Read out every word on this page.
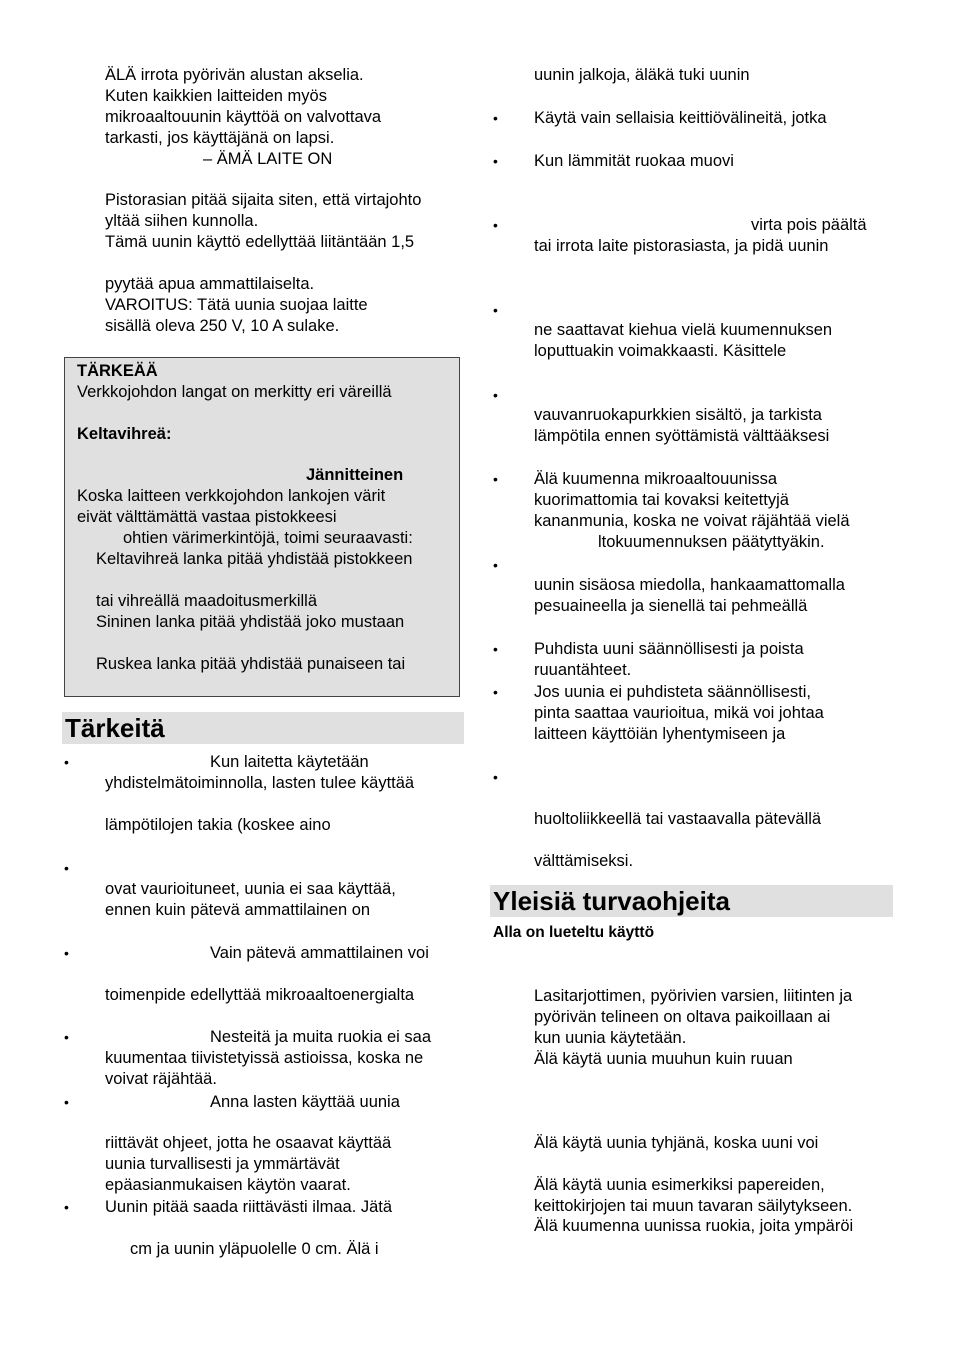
ÄLÄ irrota pyörivän alustan akselia.
Kuten kaikkien laitteiden myös
mikroaaltouunin käyttöä on valvottava
tarkasti, jos käyttäjänä on lapsi.
– ÄMÄ LAITE ON
Pistorasian pitää sijaita siten, että virtajohto
yltää siihen kunnolla.
Tämä uunin käyttö edellyttää liitäntään 1,5
pyytää apua ammattilaiselta.
VAROITUS: Tätä uunia suojaa laitte
sisällä oleva 250 V, 10 A sulake.
TÄRKEÄÄ
Verkkojohdon langat on merkitty eri väreillä
Keltavihreä:
Jännitteinen
Koska laitteen verkkojohdon lankojen värit
eivät välttämättä vastaa pistokkeesi
ohtien värimerkintöjä, toimi seuraavasti:
Keltavihreä lanka pitää yhdistää pistokkeen
tai vihreällä maadoitusmerkillä
Sininen lanka pitää yhdistää joko mustaan
Ruskea lanka pitää yhdistää punaiseen tai
Tärkeitä
•	Kun laitetta käytetään
yhdistelmätoiminnolla, lasten tulee käyttää
lämpötilojen takia (koskee aino
•
ovat vaurioituneet, uunia ei saa käyttää,
ennen kuin pätevä ammattilainen on
•	Vain pätevä ammattilainen voi
toimenpide edellyttää mikroaaltoenergialta
•	Nesteitä ja muita ruokia ei saa
kuumentaa tiivistetyissä astioissa, koska ne
voivat räjähtää.
•	Anna lasten käyttää uunia
riittävät ohjeet, jotta he osaavat käyttää
uunia turvallisesti ja ymmärtävät
epäasianmukaisen käytön vaarat.
• Uunin pitää saada riittävästi ilmaa. Jätä
cm ja uunin yläpuolelle 0 cm. Älä i
uunin jalkoja, äläkä tuki uunin
• Käytä vain sellaisia keittiövälineitä, jotka
• Kun lämmität ruokaa muovi
•	virta pois päältä
tai irrota laite pistorasiasta, ja pidä uunin
•
ne saattavat kiehua vielä kuumennuksen
loputtuakin voimakkaasti. Käsittele
•
vauvanruokapurkkien sisältö, ja tarkista
lämpötila ennen syöttämistä välttääksesi
• Älä kuumenna mikroaaltouunissa
kuorimattomia tai kovaksi keitettyjä
kananmunia, koska ne voivat räjähtää vielä
ltokuumennuksen päätyttyäkin.
•
uunin sisäosa miedolla, hankaamattomalla
pesuaineella ja sienellä tai pehmeällä
• Puhdista uuni säännöllisesti ja poista
ruuantähteet.
• Jos uunia ei puhdisteta säännöllisesti,
pinta saattaa vaurioitua, mikä voi johtaa
laitteen käyttöiän lyhentymiseen ja
•
huoltoliikkeellä tai vastaavalla pätevällä
välttämiseksi.
Yleisiä turvaohjeita
Alla on lueteltu käyttö
Lasitarjottimen, pyörivien varsien, liitinten ja
pyörivän telineen on oltava paikoillaan ai
kun uunia käytetään.
Älä käytä uunia muuhun kuin ruuan
Älä käytä uunia tyhjänä, koska uuni voi
Älä käytä uunia esimerkiksi papereiden,
keittokirjojen tai muun tavaran säilytykseen.
Älä kuumenna uunissa ruokia, joita ympäröi
